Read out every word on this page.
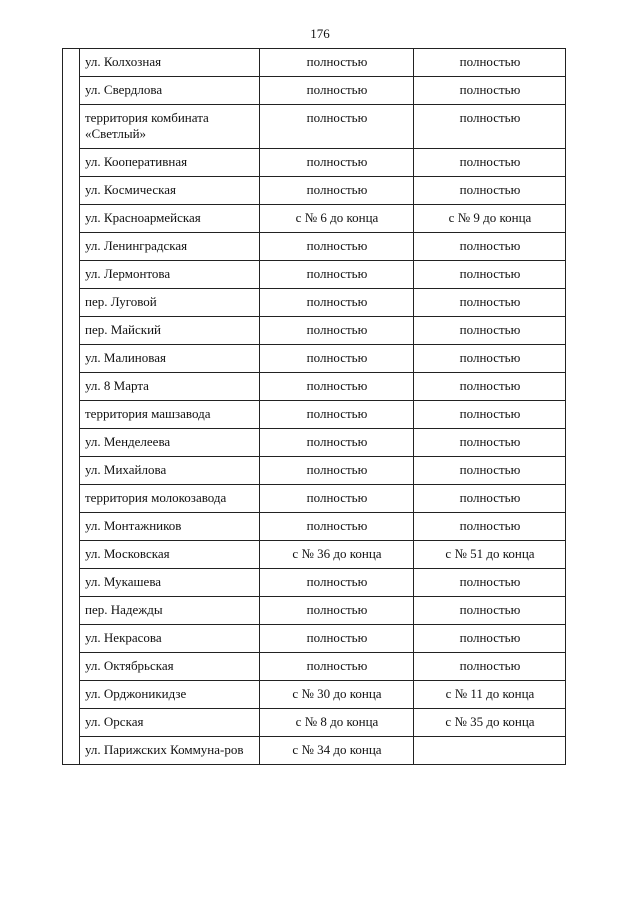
176
	ул. Колхозная	полностью	полностью
	ул. Свердлова	полностью	полностью
	территория комбината «Светлый»	полностью	полностью
	ул. Кооперативная	полностью	полностью
	ул. Космическая	полностью	полностью
	ул. Красноармейская	с № 6 до конца	с № 9 до конца
	ул. Ленинградская	полностью	полностью
	ул. Лермонтова	полностью	полностью
	пер. Луговой	полностью	полностью
	пер. Майский	полностью	полностью
	ул. Малиновая	полностью	полностью
	ул. 8 Марта	полностью	полностью
	территория машзавода	полностью	полностью
	ул. Менделеева	полностью	полностью
	ул. Михайлова	полностью	полностью
	территория молокозавода	полностью	полностью
	ул. Монтажников	полностью	полностью
	ул. Московская	с № 36 до конца	с № 51 до конца
	ул. Мукашева	полностью	полностью
	пер. Надежды	полностью	полностью
	ул. Некрасова	полностью	полностью
	ул. Октябрьская	полностью	полностью
	ул. Орджоникидзе	с № 30 до конца	с № 11 до конца
	ул. Орская	с № 8 до конца	с № 35 до конца
	ул. Парижских Коммуна-ров	с № 34 до конца	
